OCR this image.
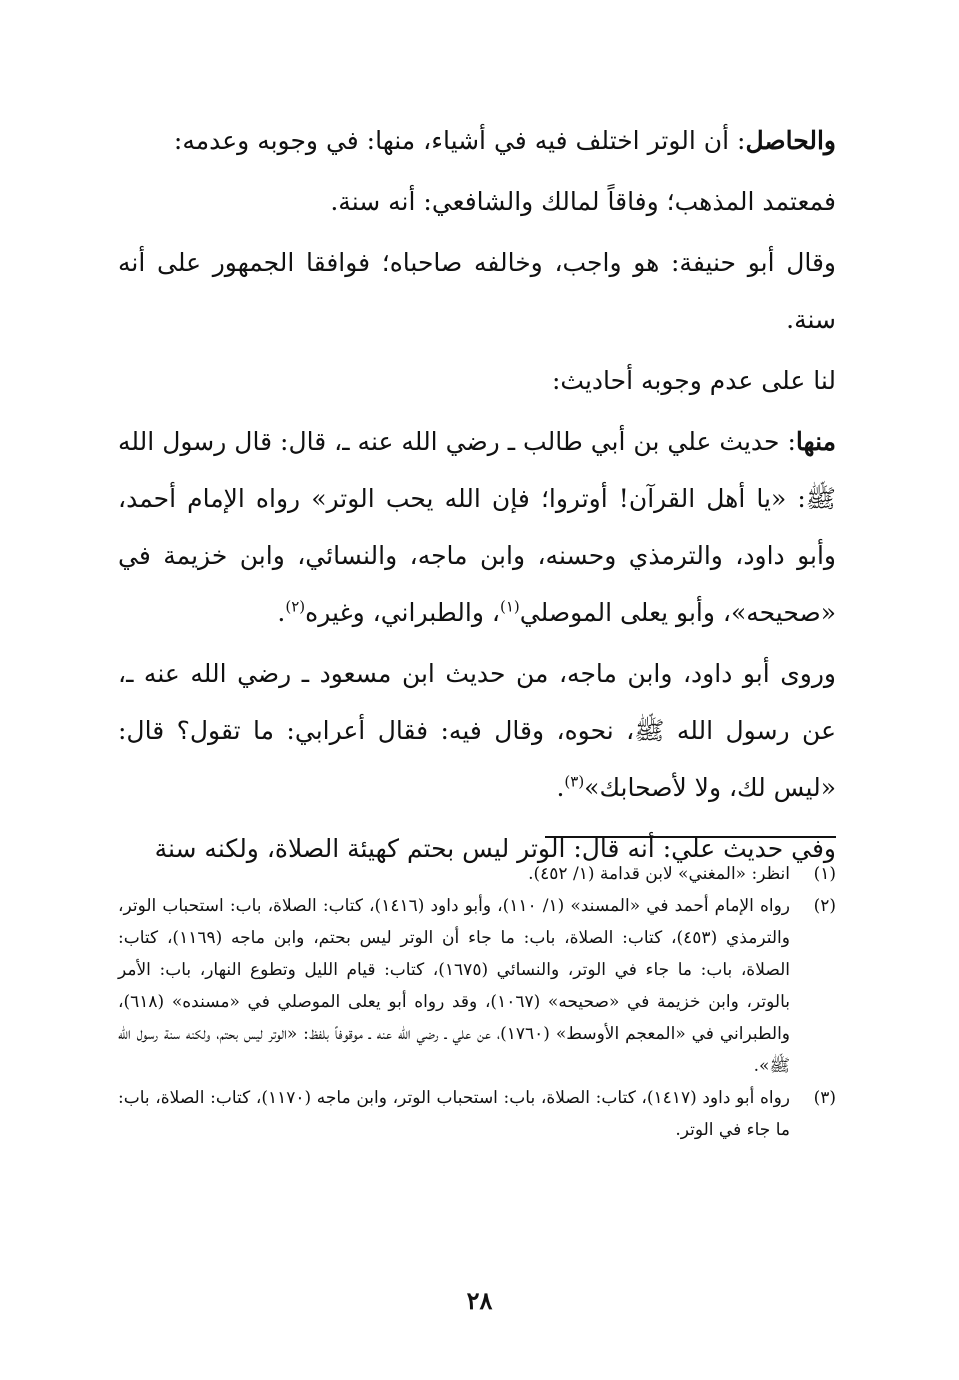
والحاصل: أن الوتر اختلف فيه في أشياء، منها: في وجوبه وعدمه:

فمعتمد المذهب؛ وفاقاً لمالك والشافعي: أنه سنة.

وقال أبو حنيفة: هو واجب، وخالفه صاحباه؛ فوافقا الجمهور على أنه سنة.

لنا على عدم وجوبه أحاديث:

منها: حديث علي بن أبي طالب ـ رضي الله عنه ـ، قال: قال رسول الله ﷺ: «يا أهل القرآن! أوتروا؛ فإن الله يحب الوتر» رواه الإمام أحمد، وأبو داود، والترمذي وحسنه، وابن ماجه، والنسائي، وابن خزيمة في «صحيحه»، وأبو يعلى الموصلي$^{(١)}$، والطبراني، وغيره$^{(٢)}$.

وروى أبو داود، وابن ماجه، من حديث ابن مسعود ـ رضي الله عنه ـ، عن رسول الله ﷺ، نحوه، وقال فيه: فقال أعرابي: ما تقول؟ قال: «ليس لك، ولا لأصحابك»$^{(٣)}$.

وفي حديث علي: أنه قال: الوتر ليس بحتم كهيئة الصلاة، ولكنه سنة

(١)
انظر: «المغني» لابن قدامة (١/ ٤٥٢).
(٢)
رواه الإمام أحمد في «المسند» (١/ ١١٠)، وأبو داود (١٤١٦)، كتاب: الصلاة، باب: استحباب الوتر، والترمذي (٤٥٣)، كتاب: الصلاة، باب: ما جاء أن الوتر ليس بحتم، وابن ماجه (١١٦٩)، كتاب: الصلاة، باب: ما جاء في الوتر، والنسائي (١٦٧٥)، كتاب: قيام الليل وتطوع النهار، باب: الأمر بالوتر، وابن خزيمة في «صحيحه» (١٠٦٧)، وقد رواه أبو يعلى الموصلي في «مسنده» (٦١٨)، والطبراني في «المعجم الأوسط» (١٧٦٠)، عن علي ـ رضي الله عنه ـ موقوفاً بلفظ: «الوتر ليس بحتم، ولكنه سنة رسول الله ﷺ».
(٣)
رواه أبو داود (١٤١٧)، كتاب: الصلاة، باب: استحباب الوتر، وابن ماجه (١١٧٠)، كتاب: الصلاة، باب: ما جاء في الوتر.
٢٨
